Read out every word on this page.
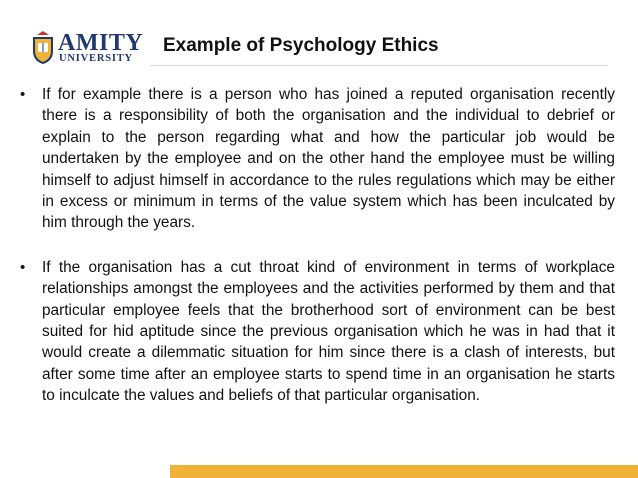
AMITY
UNIVERSITY
Example of Psychology Ethics
• If for example there is a person who has joined a reputed organisation recently there is a responsibility of both the organisation and the individual to debrief or explain to the person regarding what and how the particular job would be undertaken by the employee and on the other hand the employee must be willing himself to adjust himself in accordance to the rules regulations which may be either in excess or minimum in terms of the value system which has been inculcated by him through the years.

• If the organisation has a cut throat kind of environment in terms of workplace relationships amongst the employees and the activities performed by them and that particular employee feels that the brotherhood sort of environment can be best suited for hid aptitude since the previous organisation which he was in had that it would create a dilemmatic situation for him since there is a clash of interests, but after some time after an employee starts to spend time in an organisation he starts to inculcate the values and beliefs of that particular organisation.
